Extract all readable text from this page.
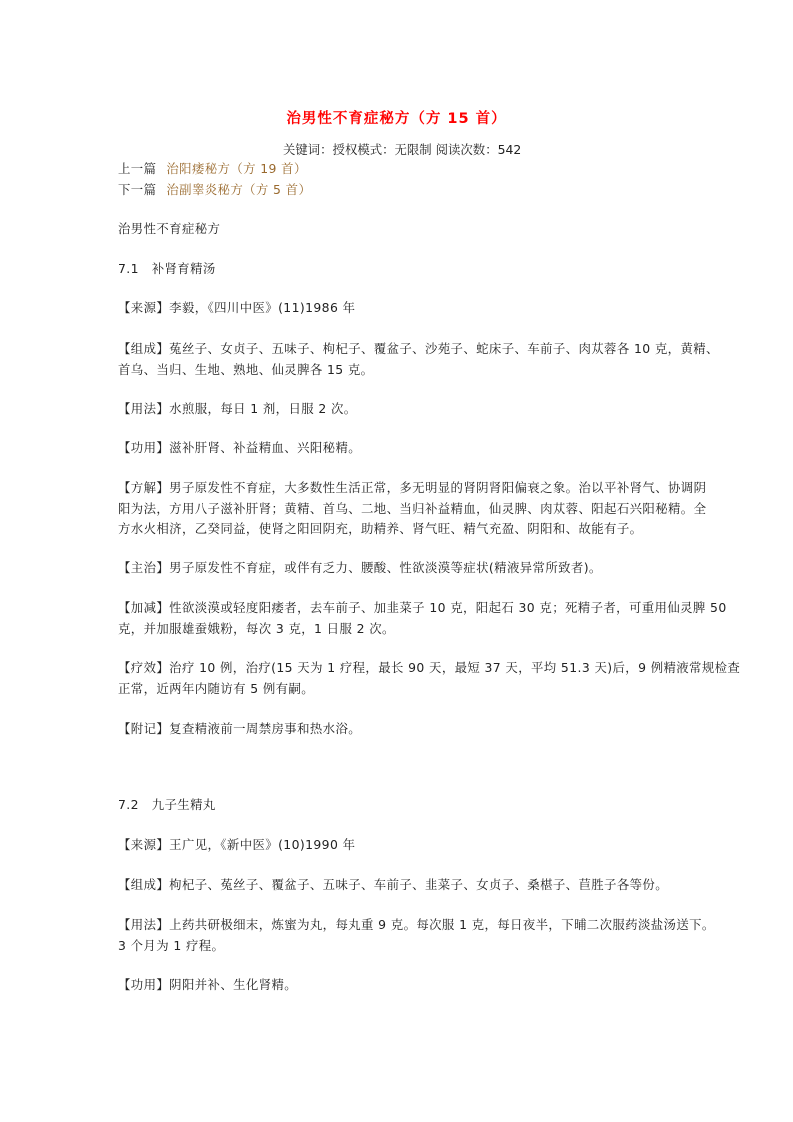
治男性不育症秘方（方 15 首）
关键词：授权模式：无限制 阅读次数：542
上一篇 治阳痿秘方（方 19 首）
下一篇 治副睾炎秘方（方 5 首）
治男性不育症秘方
7.1　补肾育精汤
【来源】李毅，《四川中医》(11)1986 年
【组成】菟丝子、女贞子、五味子、枸杞子、覆盆子、沙苑子、蛇床子、车前子、肉苁蓉各 10 克，黄精、
首乌、当归、生地、熟地、仙灵脾各 15 克。
【用法】水煎服，每日 1 剂，日服 2 次。
【功用】滋补肝肾、补益精血、兴阳秘精。
【方解】男子原发性不育症，大多数性生活正常，多无明显的肾阴肾阳偏衰之象。治以平补肾气、协调阴
阳为法，方用八子滋补肝肾；黄精、首乌、二地、当归补益精血，仙灵脾、肉苁蓉、阳起石兴阳秘精。全
方水火相济，乙癸同益，使肾之阳回阴充，助精养、肾气旺、精气充盈、阴阳和、故能有子。
【主治】男子原发性不育症，或伴有乏力、腰酸、性欲淡漠等症状(精液异常所致者)。
【加减】性欲淡漠或轻度阳痿者，去车前子、加韭菜子 10 克，阳起石 30 克；死精子者，可重用仙灵脾 50
克，并加服雄蚕娥粉，每次 3 克，1 日服 2 次。
【疗效】治疗 10 例，治疗(15 天为 1 疗程，最长 90 天，最短 37 天，平均 51.3 天)后，9 例精液常规检查
正常，近两年内随访有 5 例有嗣。
【附记】复查精液前一周禁房事和热水浴。
7.2　九子生精丸
【来源】王广见，《新中医》(10)1990 年
【组成】枸杞子、菟丝子、覆盆子、五味子、车前子、韭菜子、女贞子、桑椹子、苣胜子各等份。
【用法】上药共研极细末，炼蜜为丸，每丸重 9 克。每次服 1 克，每日夜半，下晡二次服药淡盐汤送下。
3 个月为 1 疗程。
【功用】阴阳并补、生化肾精。
